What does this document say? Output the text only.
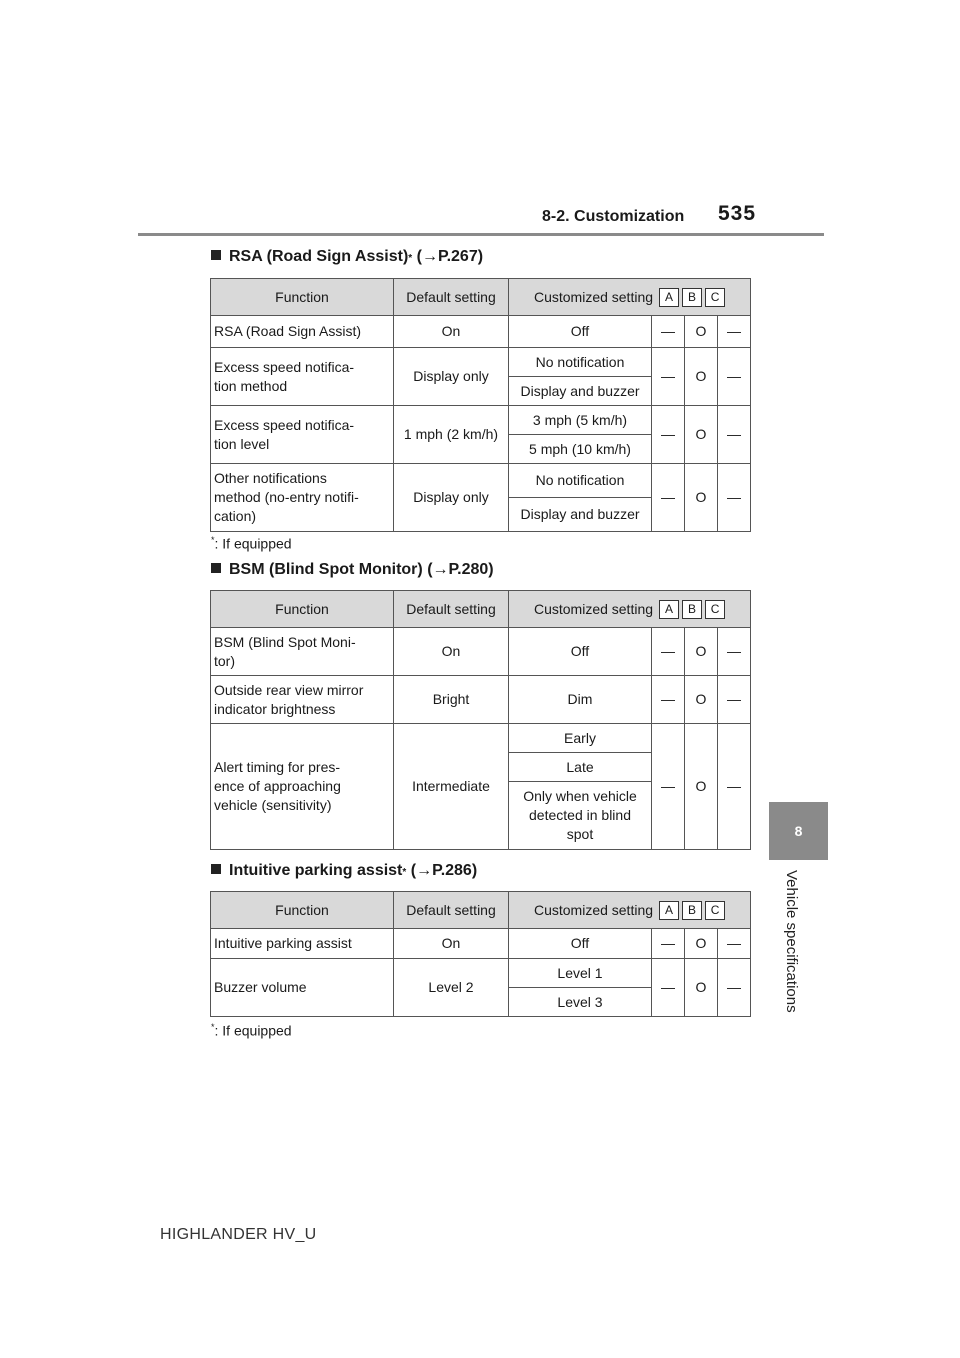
8-2. Customization 535
8
Vehicle specifications
RSA (Road Sign Assist) *
(→P.267)
Function	Default setting	Customized setting A B C			

RSA (Road Sign Assist)	On	Off	—	O	—
Excess speed notifica-
tion method	Display only	No notification	—	O	—
		Display and buzzer			
Excess speed notifica-
tion level	1 mph (2 km/h)	3 mph (5 km/h)	—	O	—
		5 mph (10 km/h)			
Other notifications
method (no-entry notifi-
cation)	Display only	No notification	—	O	—
		Display and buzzer			
*: If equipped
BSM (Blind Spot Monitor)
(→P.280)
Function	Default setting	Customized setting A B C			

BSM (Blind Spot Moni-
tor)	On	Off	—	O	—
Outside rear view mirror
indicator brightness	Bright	Dim	—	O	—
Alert timing for pres-
ence of approaching
vehicle (sensitivity)	Intermediate	Early	—	O	—
		Late			
		Only when vehicle
detected in blind
spot			
Intuitive parking assist *
(→P.286)
Function	Default setting	Customized setting A B C			

Intuitive parking assist	On	Off	—	O	—
Buzzer volume	Level 2	Level 1	—	O	—
		Level 3			
*: If equipped
HIGHLANDER HV_U
